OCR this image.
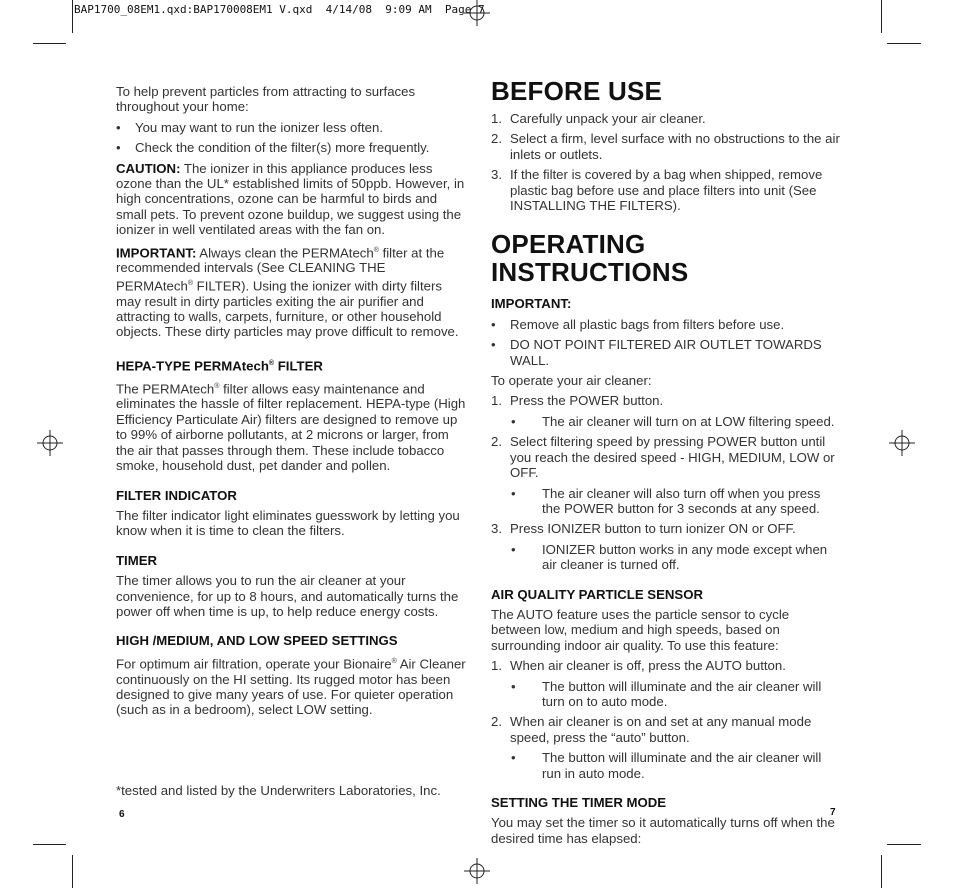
BAP1700_08EM1.qxd:BAP170008EM1 V.qxd  4/14/08  9:09 AM  Page 7

To help prevent particles from attracting to surfaces throughout your home:

•	You may want to run the ionizer less often.
•	Check the condition of the filter(s) more frequently.

CAUTION: The ionizer in this appliance produces less ozone than the UL* established limits of 50ppb. However, in high concentrations, ozone can be harmful to birds and small pets. To prevent ozone buildup, we suggest using the ionizer in well ventilated areas with the fan on.

IMPORTANT: Always clean the PERMAtech® filter at the recommended intervals (See CLEANING THE PERMAtech® FILTER). Using the ionizer with dirty filters may result in dirty particles exiting the air purifier and attracting to walls, carpets, furniture, or other household objects. These dirty particles may prove difficult to remove.

HEPA-TYPE PERMAtech® FILTER

The PERMAtech® filter allows easy maintenance and eliminates the hassle of filter replacement. HEPA-type (High Efficiency Particulate Air) filters are designed to remove up to 99% of airborne pollutants, at 2 microns or larger, from the air that passes through them. These include tobacco smoke, household dust, pet dander and pollen.

FILTER INDICATOR

The filter indicator light eliminates guesswork by letting you know when it is time to clean the filters.

TIMER

The timer allows you to run the air cleaner at your convenience, for up to 8 hours, and automatically turns the power off when time is up, to help reduce energy costs.

HIGH /MEDIUM, AND LOW SPEED SETTINGS

For optimum air filtration, operate your Bionaire® Air Cleaner continuously on the HI setting. Its rugged motor has been designed to give many years of use. For quieter operation (such as in a bedroom), select LOW setting.

*tested and listed by the Underwriters Laboratories, Inc.
6
BEFORE USE
1. Carefully unpack your air cleaner.
2. Select a firm, level surface with no obstructions to the air inlets or outlets.
3. If the filter is covered by a bag when shipped, remove plastic bag before use and place filters into unit (See INSTALLING THE FILTERS).
OPERATING INSTRUCTIONS
IMPORTANT:
•	Remove all plastic bags from filters before use.
•	DO NOT POINT FILTERED AIR OUTLET TOWARDS WALL.

To operate your air cleaner:

1. Press the POWER button.
•	The air cleaner will turn on at LOW filtering speed.
2. Select filtering speed by pressing POWER button until you reach the desired speed - HIGH, MEDIUM, LOW or OFF.
•	The air cleaner will also turn off when you press the POWER button for 3 seconds at any speed.
3. Press IONIZER button to turn ionizer ON or OFF.
•	IONIZER button works in any mode except when air cleaner is turned off.
AIR QUALITY PARTICLE SENSOR

The AUTO feature uses the particle sensor to cycle between low, medium and high speeds, based on surrounding indoor air quality. To use this feature:

1. When air cleaner is off, press the AUTO button.
•	The button will illuminate and the air cleaner will turn on to auto mode.
2. When air cleaner is on and set at any manual mode speed, press the “auto” button.
•	The button will illuminate and the air cleaner will run in auto mode.
SETTING THE TIMER MODE

You may set the timer so it automatically turns off when the desired time has elapsed:

7
